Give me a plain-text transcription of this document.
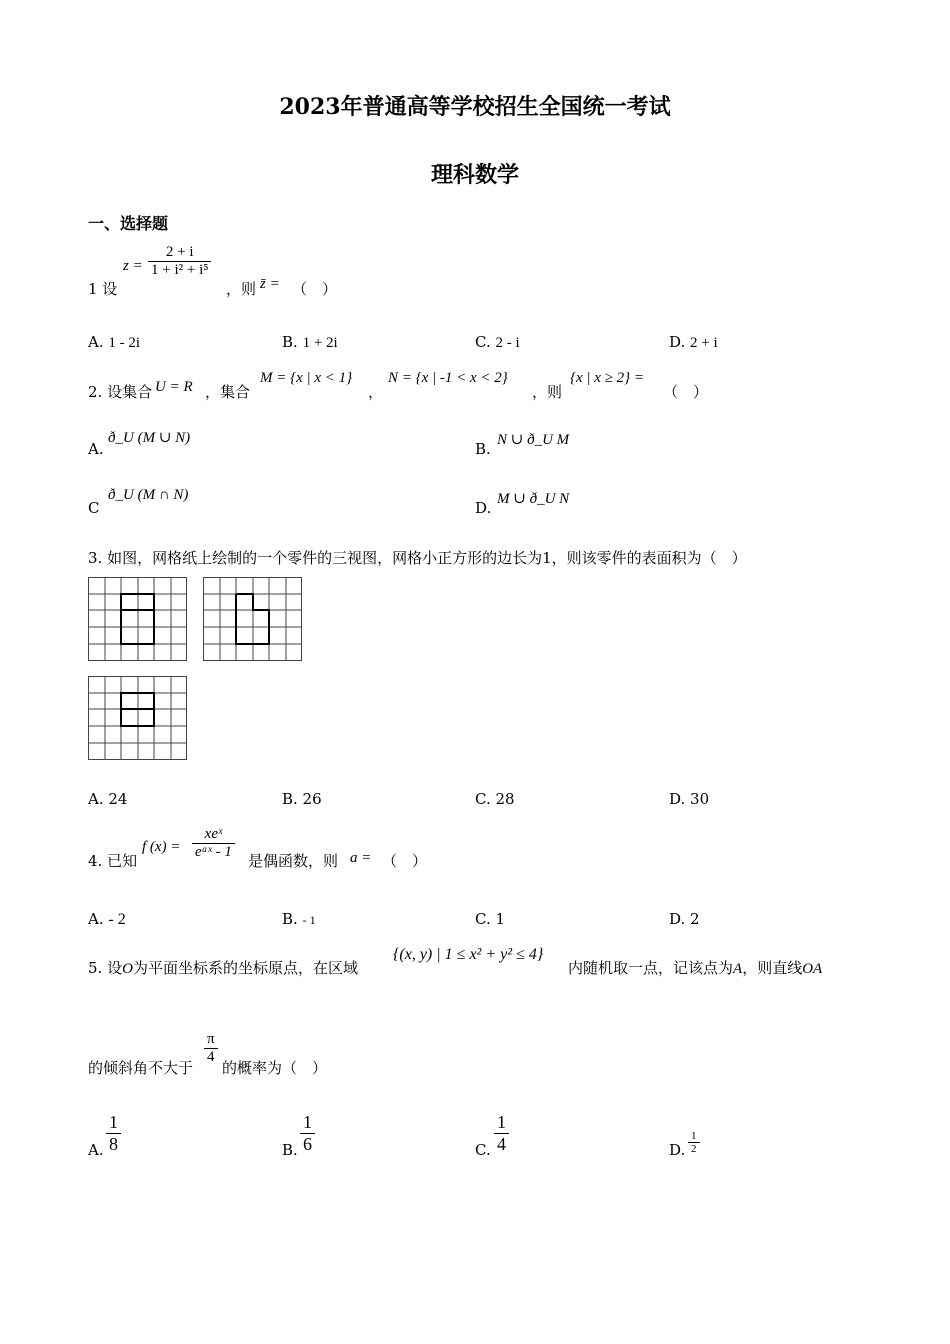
2023年普通高等学校招生全国统一考试
理科数学
一、选择题
1 设
$z = \frac{2 + i}{\text{1 + i² + i⁵}}$
，则 z̄ = （　）
A. 1 - 2i	B. 1 + 2i	C. 2 - i	D. 2 + i
2. 设集合 U = R ，集合
M = {x | x < 1}
，
N = {x | -1 < x < 2}
，则
{x | x ≥ 2} =
（　）
A.
ð_U (M ∪ N)
B. N ∪ ð_U M
C
ð_U (M ∩ N)
D. M ∪ ð_U N
3. 如图，网格纸上绘制的一个零件的三视图，网格小正方形的边长为1，则该零件的表面积为（　）
A. 24	B. 26	C. 28	D. 30
4. 已知
f (x) =
xeˣ
eᵃˣ - 1 是偶函数，则 a = （　）
A. - 2	B. - 1	C. 1	D. 2
5. 设O为平面坐标系的坐标原点，在区域
{(x, y) | 1 ≤ x² + y² ≤ 4}
内随机取一点，记该点为A，则直线OA
的倾斜角不大于
$\frac{\pi}{4}$
的概率为（　）
A. $\frac{1}{8}$	B. $\frac{1}{6}$	C. $\frac{1}{4}$	D. $\frac{1}{2}$
